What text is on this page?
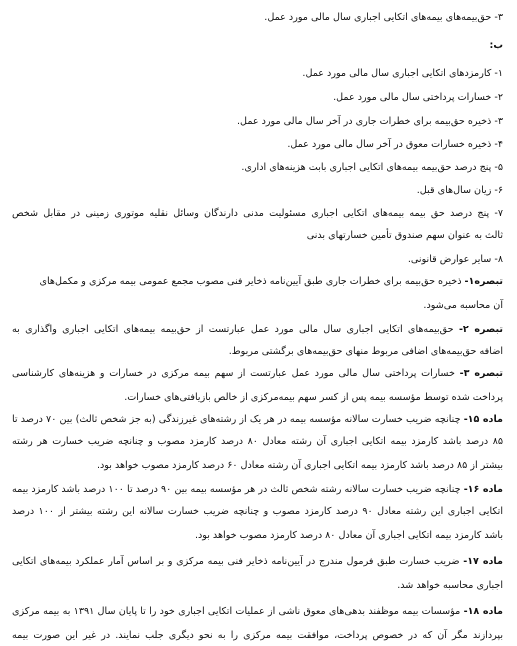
۳- حق‌بیمه‌های بیمه‌های اتکایی اجباری سال مالی مورد عمل.
ب:
۱- کارمزدهای اتکایی اجباری سال مالی مورد عمل.
۲- خسارات پرداختی سال مالی مورد عمل.
۳- ذخیره حق‌بیمه برای خطرات جاری در آخر سال مالی مورد عمل.
۴- ذخیره خسارات معوق در آخر سال مالی مورد عمل.
۵- پنج درصد حق‌بیمه بیمه‌های اتکایی اجباری بابت هزینه‌های اداری.
۶- زیان سال‌های قبل.
۷- پنج درصد حق بیمه بیمه‌های اتکایی اجباری مسئولیت مدنی دارندگان وسائل نقلیه موتوری زمینی در مقابل شخص
ثالث به عنوان سهم صندوق تأمین خسارتهای بدنی
۸- سایر عوارض قانونی.
تبصره۱- ذخیره حق‌بیمه برای خطرات جاری طبق آیین‌نامه ذخایر فنی مصوب مجمع عمومی بیمه مرکزی و مکمل‌های
آن محاسبه می‌شود.
تبصره ۲- حق‌بیمه‌های اتکایی اجباری سال مالی مورد عمل عبارتست از حق‌بیمه بیمه‌های اتکایی اجباری واگذاری به
اضافه حق‌بیمه‌های اضافی مربوط منهای حق‌بیمه‌های برگشتی مربوط.
تبصره ۳- خسارات پرداختی سال مالی مورد عمل عبارتست از سهم بیمه مرکزی در خسارات و هزینه‌های کارشناسی
پرداخت شده توسط مؤسسه بیمه پس از کسر سهم بیمه‌مرکزی از خالص بازیافتی‌های خسارات.
ماده ۱۵- چنانچه ضریب خسارت سالانه مؤسسه بیمه در هر یک از رشته‌های غیرزندگی (به جز شخص ثالث) بین ۷۰ درصد تا
۸۵ درصد باشد کارمزد بیمه اتکایی اجباری آن رشته معادل ۸۰ درصد کارمزد مصوب و چنانچه ضریب خسارت هر رشته
بیشتر از ۸۵ درصد باشد کارمزد بیمه اتکایی اجباری آن رشته معادل ۶۰ درصد کارمزد مصوب خواهد بود.
ماده ۱۶- چنانچه ضریب خسارت سالانه رشته شخص ثالث در هر مؤسسه بیمه بین ۹۰ درصد تا ۱۰۰ درصد باشد کارمزد بیمه
اتکایی اجباری این رشته معادل ۹۰ درصد کارمزد مصوب و چنانچه ضریب خسارت سالانه این رشته بیشتر از ۱۰۰ درصد
باشد کارمزد بیمه اتکایی اجباری آن معادل ۸۰ درصد کارمزد مصوب خواهد بود.
ماده ۱۷- ضریب خسارت طبق فرمول مندرج در آیین‌نامه ذخایر فنی بیمه مرکزی و بر اساس آمار عملکرد بیمه‌های اتکایی
اجباری محاسبه خواهد شد.
ماده ۱۸- مؤسسات بیمه موظفند بدهی‌های معوق ناشی از عملیات اتکایی اجباری خود را تا پایان سال ۱۳۹۱ به بیمه مرکزی
بپردازند مگر آن که در خصوص پرداخت، موافقت بیمه مرکزی را به نحو دیگری جلب نمایند. در غیر این صورت بیمه
